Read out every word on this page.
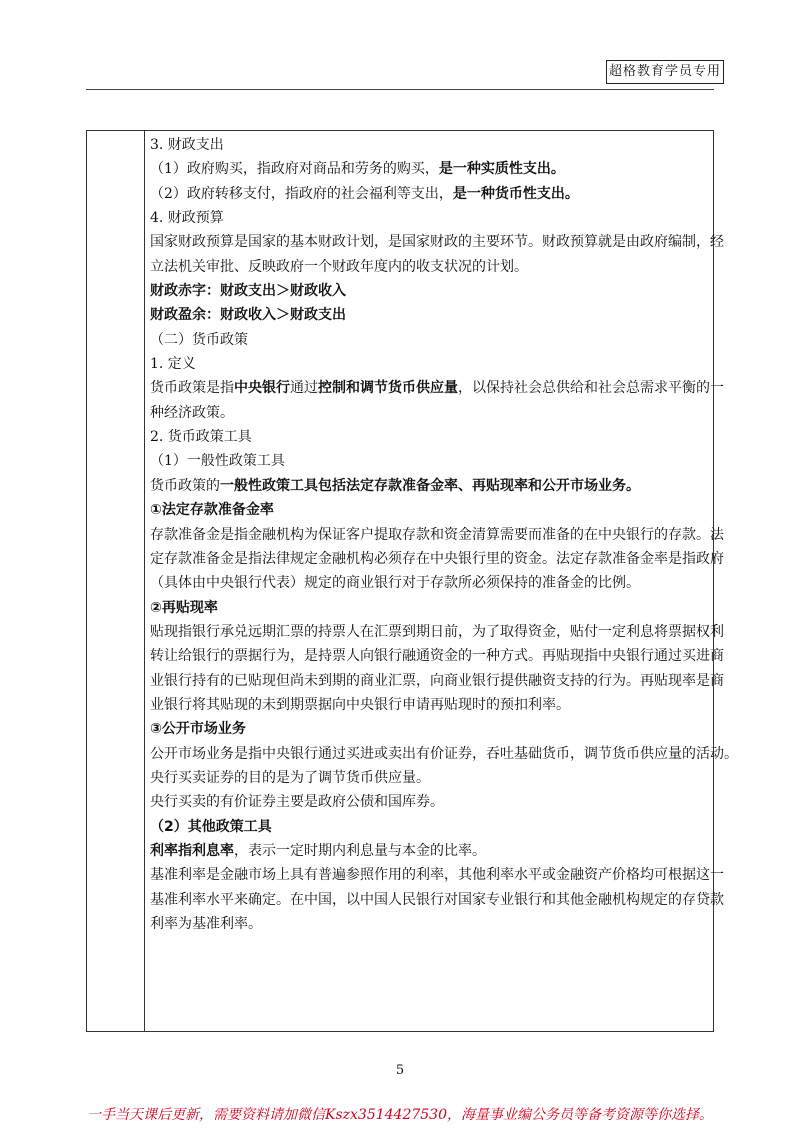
超格教育学员专用
3. 财政支出
（1）政府购买，指政府对商品和劳务的购买，是一种实质性支出。
（2）政府转移支付，指政府的社会福利等支出，是一种货币性支出。
4. 财政预算
国家财政预算是国家的基本财政计划，是国家财政的主要环节。财政预算就是由政府编制，经
立法机关审批、反映政府一个财政年度内的收支状况的计划。
财政赤字：财政支出＞财政收入
财政盈余：财政收入＞财政支出
（二）货币政策
1. 定义
货币政策是指中央银行通过控制和调节货币供应量，以保持社会总供给和社会总需求平衡的一
种经济政策。
2. 货币政策工具
（1）一般性政策工具
货币政策的一般性政策工具包括法定存款准备金率、再贴现率和公开市场业务。
①法定存款准备金率
存款准备金是指金融机构为保证客户提取存款和资金清算需要而准备的在中央银行的存款。法
定存款准备金是指法律规定金融机构必须存在中央银行里的资金。法定存款准备金率是指政府
（具体由中央银行代表）规定的商业银行对于存款所必须保持的准备金的比例。
②再贴现率
贴现指银行承兑远期汇票的持票人在汇票到期日前，为了取得资金，贴付一定利息将票据权利
转让给银行的票据行为，是持票人向银行融通资金的一种方式。再贴现指中央银行通过买进商
业银行持有的已贴现但尚未到期的商业汇票，向商业银行提供融资支持的行为。再贴现率是商
业银行将其贴现的未到期票据向中央银行申请再贴现时的预扣利率。
③公开市场业务
公开市场业务是指中央银行通过买进或卖出有价证券，吞吐基础货币，调节货币供应量的活动。
央行买卖证券的目的是为了调节货币供应量。
央行买卖的有价证券主要是政府公债和国库券。
（2）其他政策工具
利率指利息率，表示一定时期内利息量与本金的比率。
基准利率是金融市场上具有普遍参照作用的利率，其他利率水平或金融资产价格均可根据这一
基准利率水平来确定。在中国，以中国人民银行对国家专业银行和其他金融机构规定的存贷款
利率为基准利率。
5
一手当天课后更新，需要资料请加微信Kszx3514427530，海量事业编公务员等备考资源等你选择。
